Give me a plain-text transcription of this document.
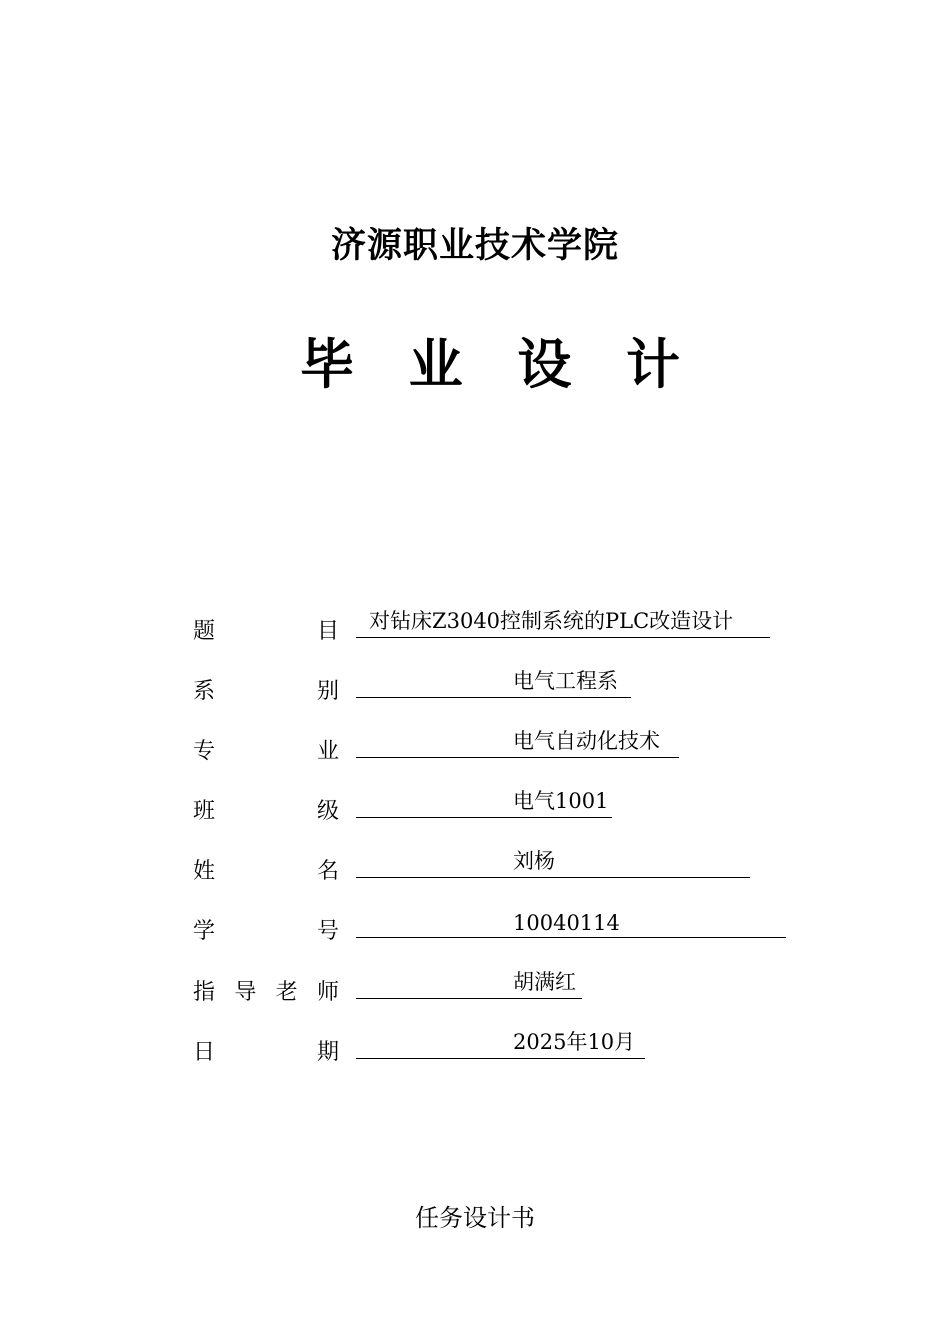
济源职业技术学院
毕 业 设 计
题	目 对钻床Z3040控制系统的PLC改造设计
系	别	电气工程系
专	业	电气自动化技术
班	级	电气1001
姓	名	刘杨
学	号	10040114
指 导 老 师	胡满红
日	期	2025年10月
任务设计书
